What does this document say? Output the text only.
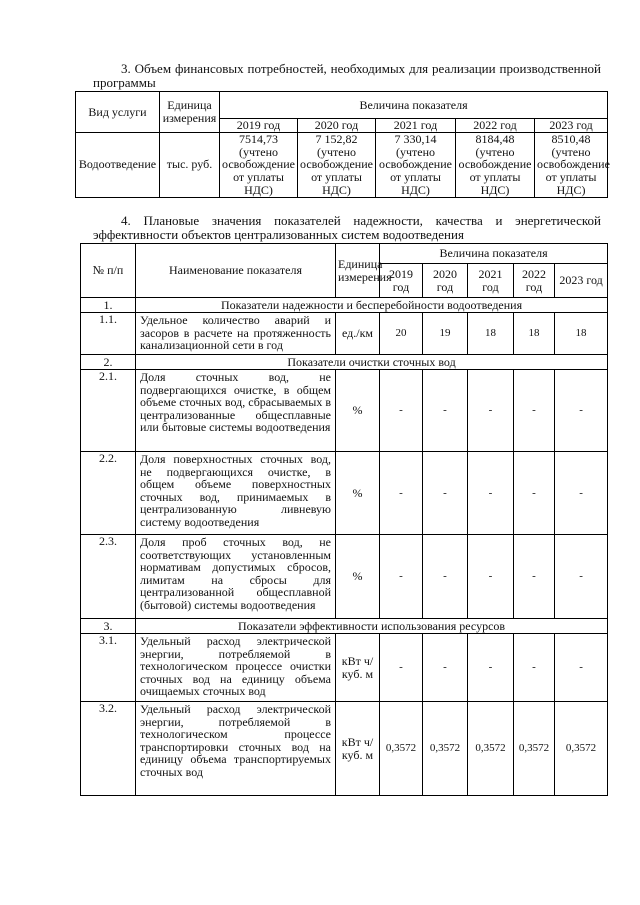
3. Объем финансовых потребностей, необходимых для реализации производственной программы
Вид услуги	Единица измерения	Величина показателя				
		2019 год	2020 год	2021 год	2022 год	2023 год
Водоотведение	тыс. руб.	7514,73 (учтено освобождение от уплаты НДС)	7 152,82 (учтено освобождение от уплаты НДС)	7 330,14 (учтено освобождение от уплаты НДС)	8184,48 (учтено освобождение от уплаты НДС)	8510,48 (учтено освобождение от уплаты НДС)
4. Плановые значения показателей надежности, качества и энергетической эффективности объектов централизованных систем водоотведения
№ п/п	Наименование показателя	Единица измерения	Величина показателя				
			2019 год	2020 год	2021 год	2022 год	2023 год
1.	Показатели надежности и бесперебойности водоотведения						
1.1.	Удельное количество аварий и засоров в расчете на протяженность канализационной сети в год	ед./км	20	19	18	18	18
2.	Показатели очистки сточных вод						
2.1.	Доля сточных вод, не подвергающихся очистке, в общем объеме сточных вод, сбрасываемых в централизованные общесплавные или бытовые системы водоотведения	%	-	-	-	-	-
2.2.	Доля поверхностных сточных вод, не подвергающихся очистке, в общем объеме поверхностных сточных вод, принимаемых в централизованную ливневую систему водоотведения	%	-	-	-	-	-
2.3.	Доля проб сточных вод, не соответствующих установленным нормативам допустимых сбросов, лимитам на сбросы для централизованной общесплавной (бытовой) системы водоотведения	%	-	-	-	-	-
3.	Показатели эффективности использования ресурсов						
3.1.	Удельный расход электрической энергии, потребляемой в технологическом процессе очистки сточных вод на единицу объема очищаемых сточных вод	кВт ч/куб. м	-	-	-	-	-
3.2.	Удельный расход электрической энергии, потребляемой в технологическом процессе транспортировки сточных вод на единицу объема транспортируемых сточных вод	кВт ч/куб. м	0,3572	0,3572	0,3572	0,3572	0,3572
